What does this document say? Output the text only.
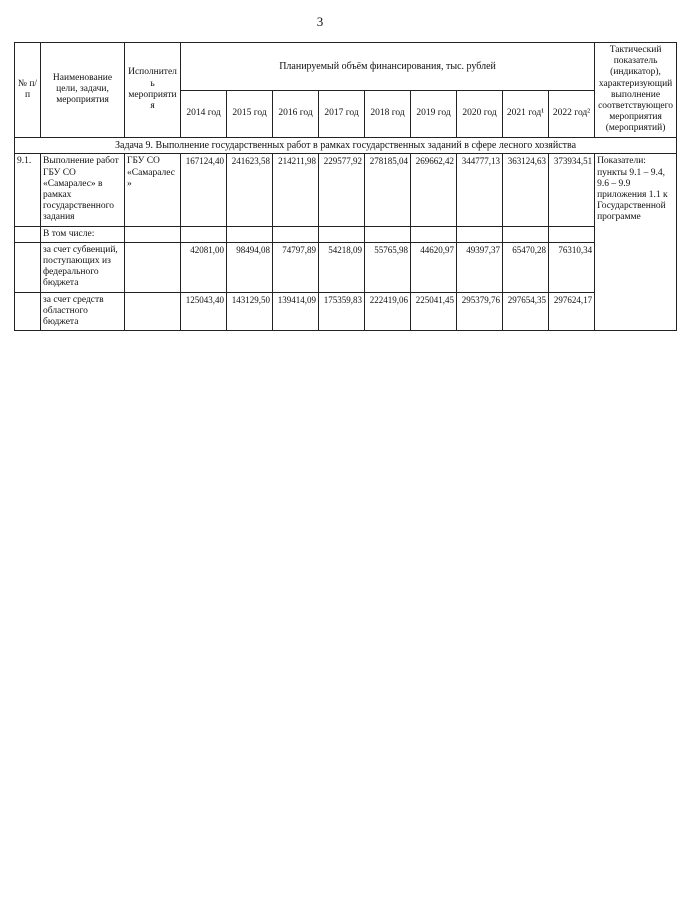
3
№ п/п	Наименование цели, задачи, мероприятия	Исполнитель мероприятия	Планируемый объём финансирования, тыс. рублей									Тактический показатель (индикатор), характеризующий выполнение соответствующего мероприятия (мероприятий)
			2014 год	2015 год	2016 год	2017 год	2018 год	2019 год	2020 год	2021 год¹	2022 год²	
Задача 9. Выполнение государственных работ в рамках государственных заданий в сфере лесного хозяйства												
9.1.	Выполнение работ ГБУ СО «Самаралес» в рамках государственного задания	ГБУ СО «Самаралес»	167124,40	241623,58	214211,98	229577,92	278185,04	269662,42	344777,13	363124,63	373934,51	Показатели: пункты 9.1 – 9.4, 9.6 – 9.9 приложения 1.1 к Государственной программе
	В том числе:											
	за счет субвенций, поступающих из федерального бюджета		42081,00	98494,08	74797,89	54218,09	55765,98	44620,97	49397,37	65470,28	76310,34	
	за счет средств областного бюджета		125043,40	143129,50	139414,09	175359,83	222419,06	225041,45	295379,76	297654,35	297624,17	
